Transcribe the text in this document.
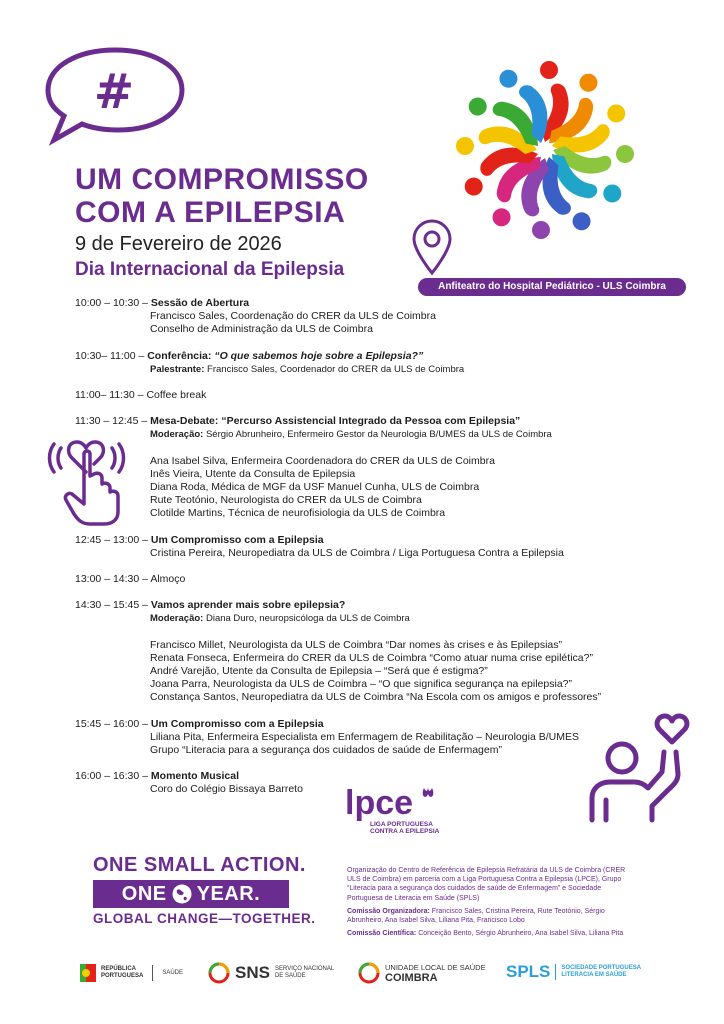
#
UM COMPROMISSO
COM A EPILEPSIA
9 de Fevereiro de 2026
Dia Internacional da Epilepsia
Anfiteatro do Hospital Pediátrico - ULS Coimbra
10:00 – 10:30 – Sessão de Abertura
Francisco Sales, Coordenação do CRER da ULS de Coimbra
Conselho de Administração da ULS de Coimbra
10:30– 11:00 – Conferência: “O que sabemos hoje sobre a Epilepsia?”
Palestrante: Francisco Sales, Coordenador do CRER da ULS de Coimbra
11:00– 11:30 – Coffee break
11:30 – 12:45 – Mesa-Debate: “Percurso Assistencial Integrado da Pessoa com Epilepsia”
Moderação: Sérgio Abrunheiro, Enfermeiro Gestor da Neurologia B/UMES da ULS de Coimbra
Ana Isabel Silva, Enfermeira Coordenadora do CRER da ULS de Coimbra
Inês Vieira, Utente da Consulta de Epilepsia
Diana Roda, Médica de MGF da USF Manuel Cunha, ULS de Coimbra
Rute Teotónio, Neurologista do CRER da ULS de Coimbra
Clotilde Martins, Técnica de neurofisiologia da ULS de Coimbra
12:45 – 13:00 – Um Compromisso com a Epilepsia
Cristina Pereira, Neuropediatra da ULS de Coimbra / Liga Portuguesa Contra a Epilepsia
13:00 – 14:30 – Almoço
14:30 – 15:45 – Vamos aprender mais sobre epilepsia?
Moderação: Diana Duro, neuropsicóloga da ULS de Coimbra
Francisco Millet, Neurologista da ULS de Coimbra “Dar nomes às crises e às Epilepsias”
Renata Fonseca, Enfermeira do CRER da ULS de Coimbra “Como atuar numa crise epilética?”
André Varejão, Utente da Consulta de Epilepsia – “Será que é estigma?”
Joana Parra, Neurologista da ULS de Coimbra – “O que significa segurança na epilepsia?”
Constança Santos, Neuropediatra da ULS de Coimbra “Na Escola com os amigos e professores”
15:45 – 16:00 – Um Compromisso com a Epilepsia
Liliana Pita, Enfermeira Especialista em Enfermagem de Reabilitação – Neurologia B/UMES
Grupo “Literacia para a segurança dos cuidados de saúde de Enfermagem”
16:00 – 16:30 – Momento Musical
Coro do Colégio Bissaya Barreto	lpce
LIGA PORTUGUESA
CONTRA A EPILEPSIA
ONE SMALL ACTION.
ONE YEAR.
GLOBAL CHANGE—TOGETHER.

Organização do Centro de Referência de Epilepsia Refratária da ULS de Coimbra (CRER ULS de Coimbra) em parceria com a Liga Portuguesa Contra a Epilepsia (LPCE), Grupo “Literacia para a segurança dos cuidados de saúde de Enfermagem” e Sociedade Portuguesa de Literacia em Saúde (SPLS)

Comissão Organizadora: Francisco Sales, Cristina Pereira, Rute Teotónio, Sérgio Abrunheiro, Ana Isabel Silva, Liliana Pita, Francisco Lobo

Comissão Científica: Conceição Bento, Sérgio Abrunheiro, Ana Isabel Silva, Liliana Pita

REPÚBLICA
PORTUGUESA
SAÚDE	SNS SERVIÇO NACIONAL
DE SAÚDE
UNIDADE LOCAL DE SAÚDE
COIMBRA	SPLS SOCIEDADE PORTUGUESA
LITERACIA EM SAÚDE
